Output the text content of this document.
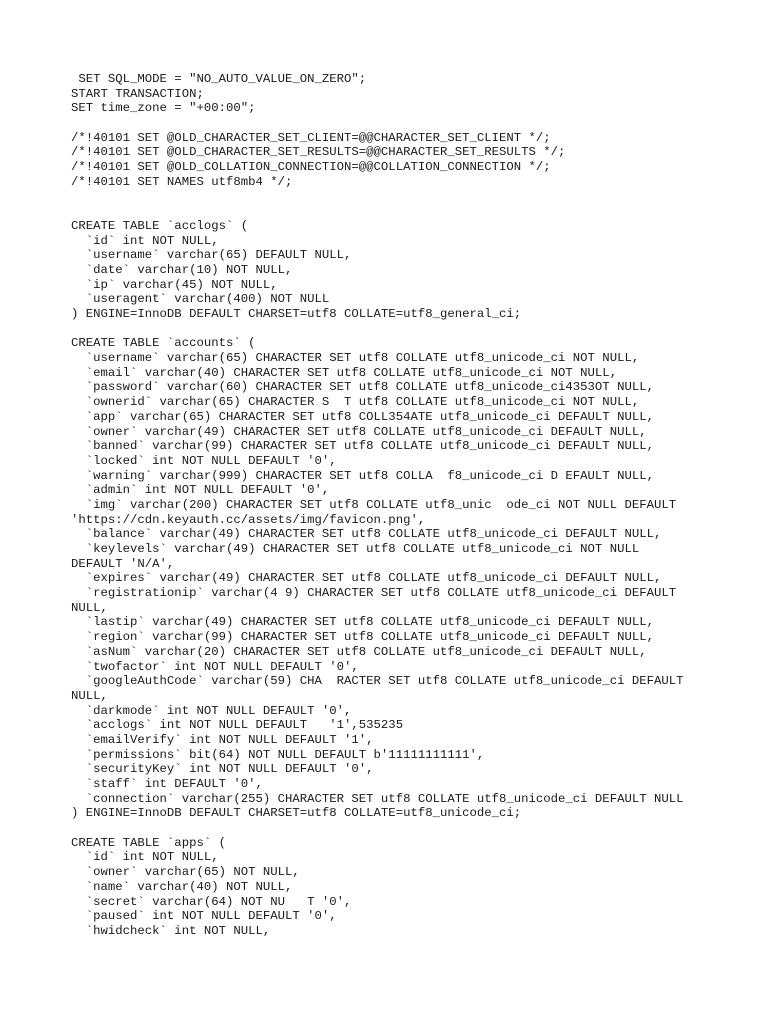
SET SQL_MODE = "NO_AUTO_VALUE_ON_ZERO";
START TRANSACTION;
SET time_zone = "+00:00";
/*!40101 SET @OLD_CHARACTER_SET_CLIENT=@@CHARACTER_SET_CLIENT */;
/*!40101 SET @OLD_CHARACTER_SET_RESULTS=@@CHARACTER_SET_RESULTS */;
/*!40101 SET @OLD_COLLATION_CONNECTION=@@COLLATION_CONNECTION */;
/*!40101 SET NAMES utf8mb4 */;
CREATE TABLE `acclogs` (
`id` int NOT NULL,
`username` varchar(65) DEFAULT NULL,
`date` varchar(10) NOT NULL,
`ip` varchar(45) NOT NULL,
`useragent` varchar(400) NOT NULL
) ENGINE=InnoDB DEFAULT CHARSET=utf8 COLLATE=utf8_general_ci;
CREATE TABLE `accounts` (
`username` varchar(65) CHARACTER SET utf8 COLLATE utf8_unicode_ci NOT NULL,
`email` varchar(40) CHARACTER SET utf8 COLLATE utf8_unicode_ci NOT NULL,
`password` varchar(60) CHARACTER SET utf8 COLLATE utf8_unicode_ci4353OT NULL,
`ownerid` varchar(65) CHARACTER S  T utf8 COLLATE utf8_unicode_ci NOT NULL,
`app` varchar(65) CHARACTER SET utf8 COLL354ATE utf8_unicode_ci DEFAULT NULL,
`owner` varchar(49) CHARACTER SET utf8 COLLATE utf8_unicode_ci DEFAULT NULL,
`banned` varchar(99) CHARACTER SET utf8 COLLATE utf8_unicode_ci DEFAULT NULL,
`locked` int NOT NULL DEFAULT '0',
`warning` varchar(999) CHARACTER SET utf8 COLLA  f8_unicode_ci D EFAULT NULL,
`admin` int NOT NULL DEFAULT '0',
`img` varchar(200) CHARACTER SET utf8 COLLATE utf8_unic  ode_ci NOT NULL DEFAULT
'https://cdn.keyauth.cc/assets/img/favicon.png',
`balance` varchar(49) CHARACTER SET utf8 COLLATE utf8_unicode_ci DEFAULT NULL,
`keylevels` varchar(49) CHARACTER SET utf8 COLLATE utf8_unicode_ci NOT NULL
DEFAULT 'N/A',
`expires` varchar(49) CHARACTER SET utf8 COLLATE utf8_unicode_ci DEFAULT NULL,
`registrationip` varchar(4 9) CHARACTER SET utf8 COLLATE utf8_unicode_ci DEFAULT
NULL,
`lastip` varchar(49) CHARACTER SET utf8 COLLATE utf8_unicode_ci DEFAULT NULL,
`region` varchar(99) CHARACTER SET utf8 COLLATE utf8_unicode_ci DEFAULT NULL,
`asNum` varchar(20) CHARACTER SET utf8 COLLATE utf8_unicode_ci DEFAULT NULL,
`twofactor` int NOT NULL DEFAULT '0',
`googleAuthCode` varchar(59) CHA  RACTER SET utf8 COLLATE utf8_unicode_ci DEFAULT
NULL,
`darkmode` int NOT NULL DEFAULT '0',
`acclogs` int NOT NULL DEFAULT   '1',535235
`emailVerify` int NOT NULL DEFAULT '1',
`permissions` bit(64) NOT NULL DEFAULT b'11111111111',
`securityKey` int NOT NULL DEFAULT '0',
`staff` int DEFAULT '0',
`connection` varchar(255) CHARACTER SET utf8 COLLATE utf8_unicode_ci DEFAULT NULL
) ENGINE=InnoDB DEFAULT CHARSET=utf8 COLLATE=utf8_unicode_ci;
CREATE TABLE `apps` (
`id` int NOT NULL,
`owner` varchar(65) NOT NULL,
`name` varchar(40) NOT NULL,
`secret` varchar(64) NOT NU   T '0',
`paused` int NOT NULL DEFAULT '0',
`hwidcheck` int NOT NULL,
